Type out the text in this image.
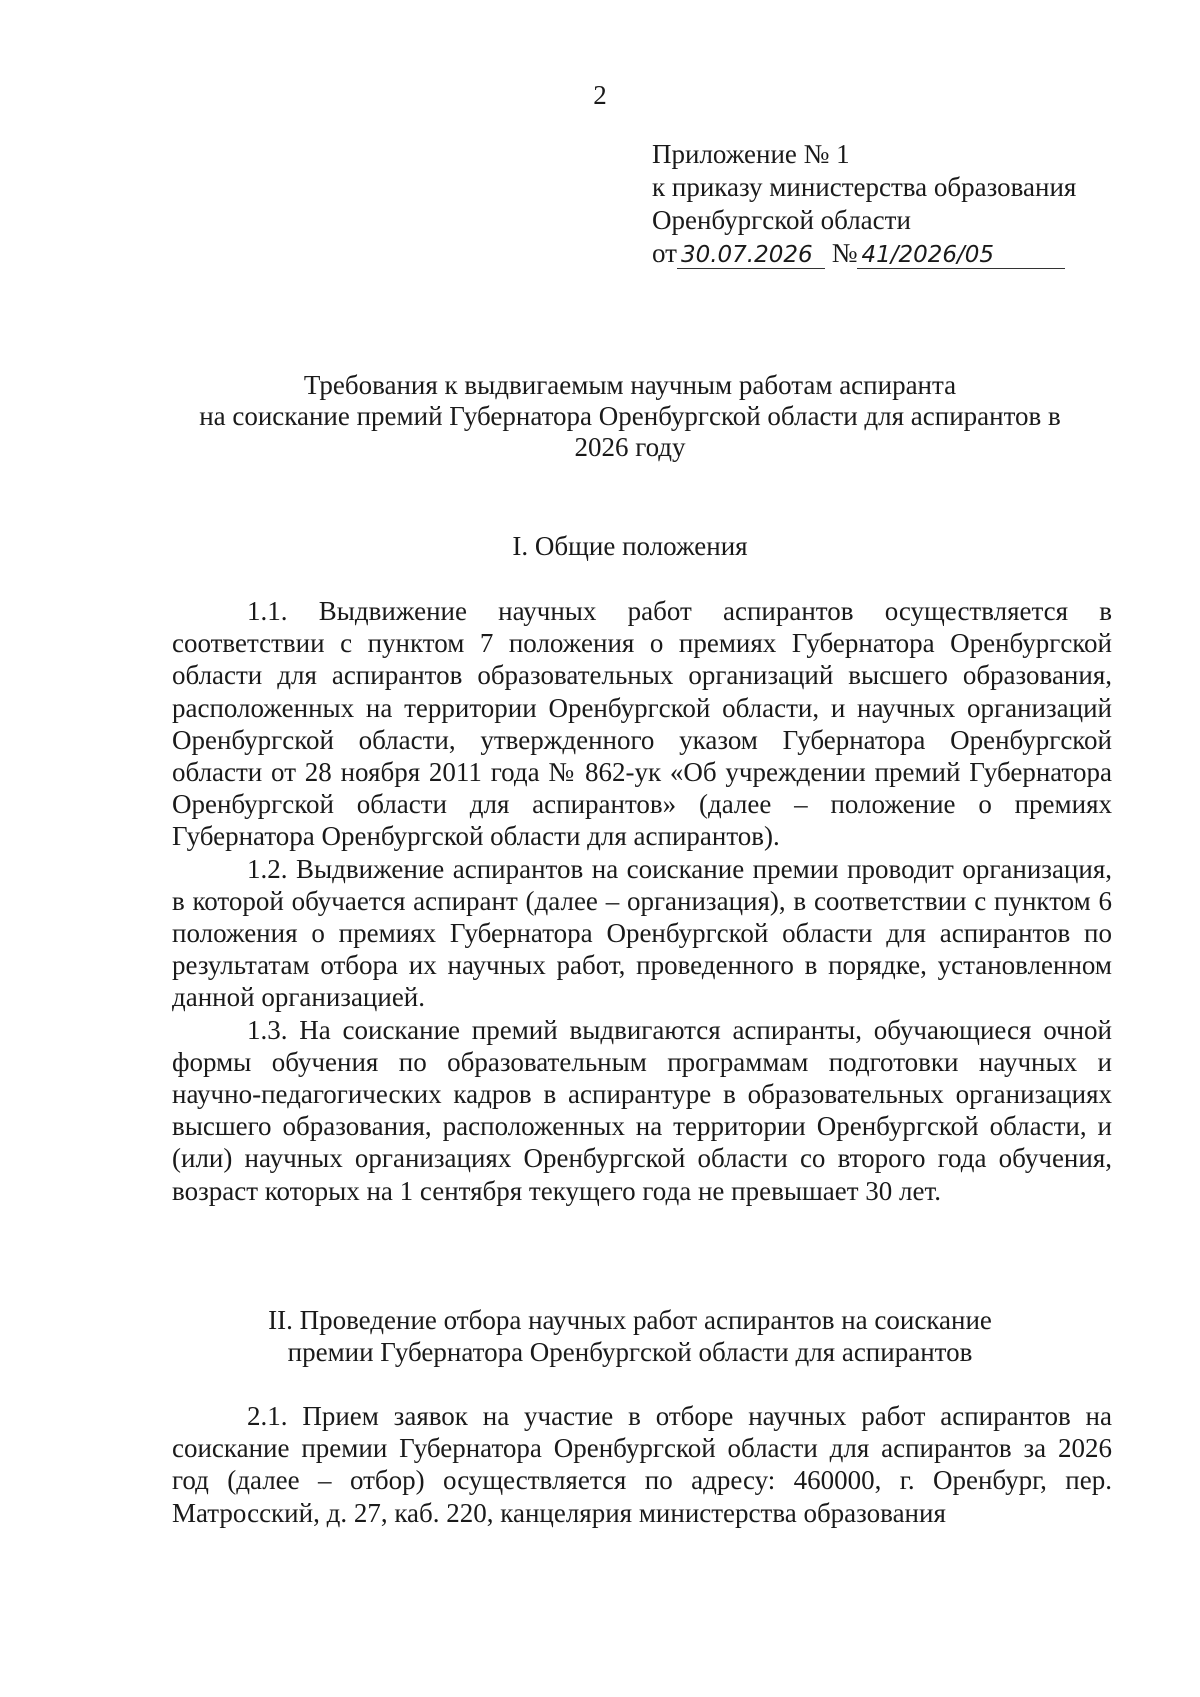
2
Приложение № 1
к приказу министерства образования
Оренбургской области
от 30.07.2026 № 41/2026/05
Требования к выдвигаемым научным работам аспиранта
на соискание премий Губернатора Оренбургской области для аспирантов в
2026 году
I. Общие положения

1.1. Выдвижение научных работ аспирантов осуществляется в соответствии с пунктом 7 положения о премиях Губернатора Оренбургской области для аспирантов образовательных организаций высшего образования, расположенных на территории Оренбургской области, и научных организаций Оренбургской области, утвержденного указом Губернатора Оренбургской области от 28 ноября 2011 года № 862-ук «Об учреждении премий Губернатора Оренбургской области для аспирантов» (далее – положение о премиях Губернатора Оренбургской области для аспирантов).

1.2. Выдвижение аспирантов на соискание премии проводит организация, в которой обучается аспирант (далее – организация), в соответствии с пунктом 6 положения о премиях Губернатора Оренбургской области для аспирантов по результатам отбора их научных работ, проведенного в порядке, установленном данной организацией.

1.3. На соискание премий выдвигаются аспиранты, обучающиеся очной формы обучения по образовательным программам подготовки научных и научно-педагогических кадров в аспирантуре в образовательных организациях высшего образования, расположенных на территории Оренбургской области, и (или) научных организациях Оренбургской области со второго года обучения, возраст которых на 1 сентября текущего года не превышает 30 лет.

II. Проведение отбора научных работ аспирантов на соискание
премии Губернатора Оренбургской области для аспирантов

2.1. Прием заявок на участие в отборе научных работ аспирантов на соискание премии Губернатора Оренбургской области для аспирантов за 2026 год (далее – отбор) осуществляется по адресу: 460000, г. Оренбург, пер. Матросский, д. 27, каб. 220, канцелярия министерства образования
